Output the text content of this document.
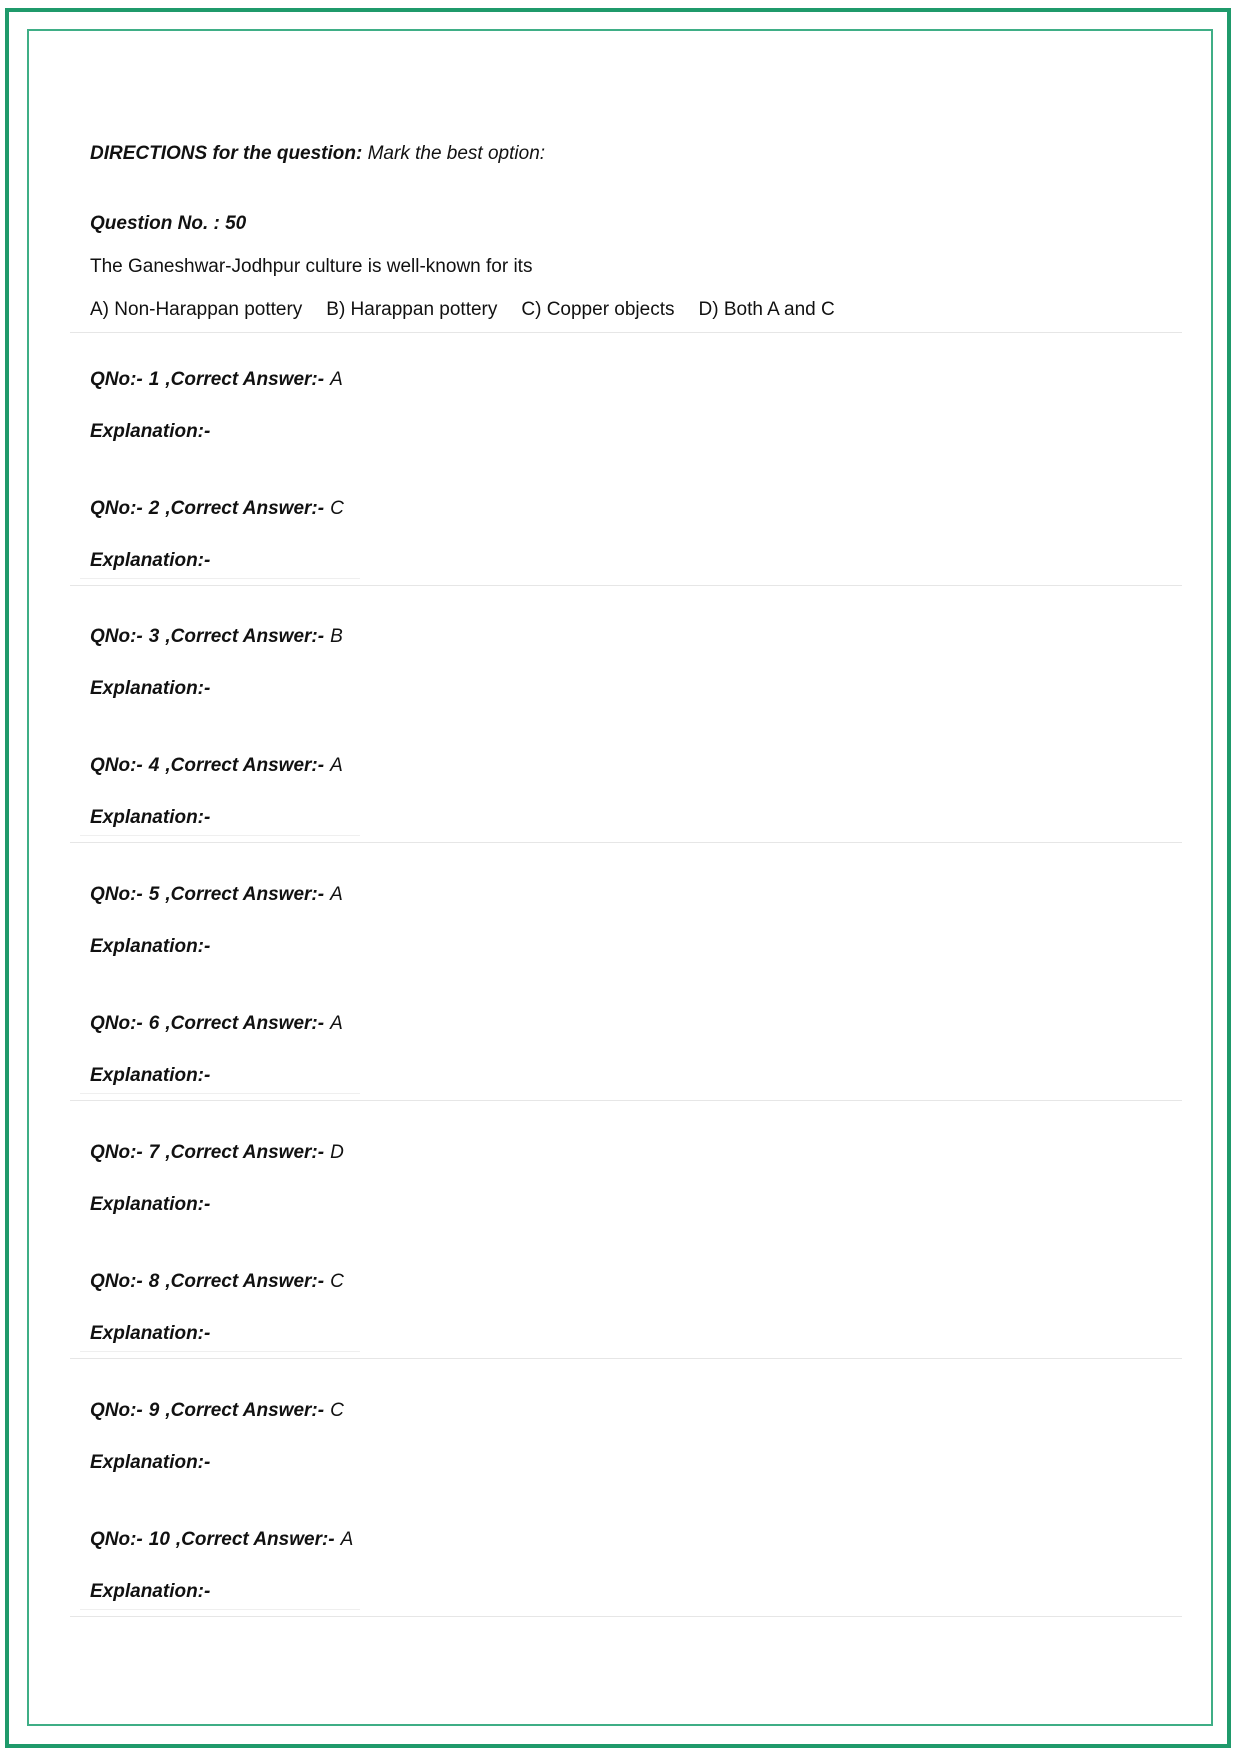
DIRECTIONS for the question: Mark the best option:
Question No. : 50
The Ganeshwar-Jodhpur culture is well-known for its
A) Non-Harappan pottery B) Harappan pottery C) Copper objects D) Both A and C
QNo:- 1 ,Correct Answer:- A
Explanation:-
QNo:- 2 ,Correct Answer:- C
Explanation:-
QNo:- 3 ,Correct Answer:- B
Explanation:-
QNo:- 4 ,Correct Answer:- A
Explanation:-
QNo:- 5 ,Correct Answer:- A
Explanation:-
QNo:- 6 ,Correct Answer:- A
Explanation:-
QNo:- 7 ,Correct Answer:- D
Explanation:-
QNo:- 8 ,Correct Answer:- C
Explanation:-
QNo:- 9 ,Correct Answer:- C
Explanation:-
QNo:- 10 ,Correct Answer:- A
Explanation:-
